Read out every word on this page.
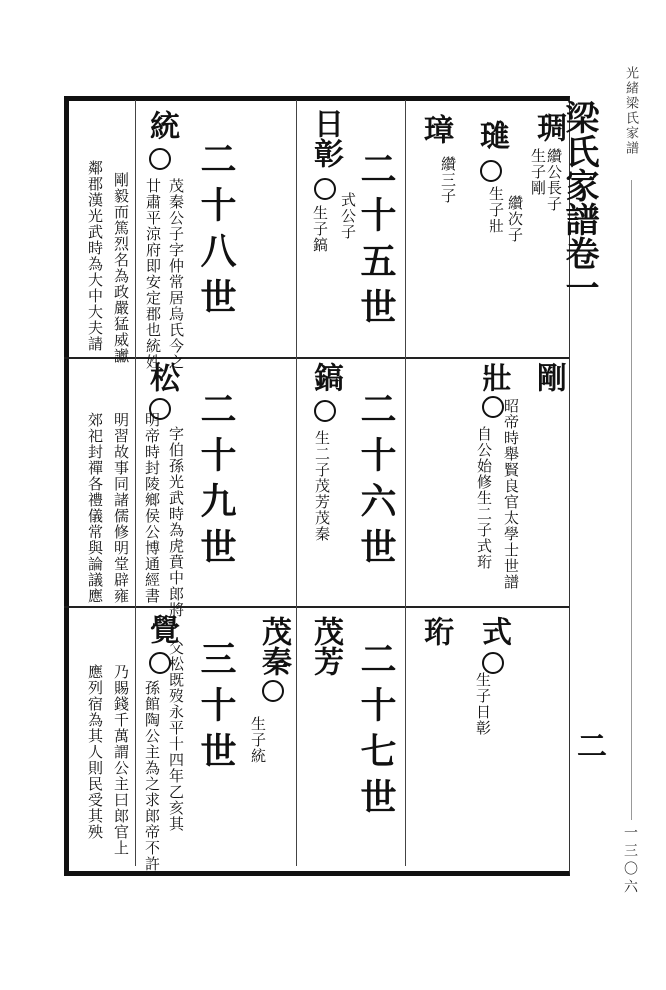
光緒梁氏家譜
一三〇六
梁氏家譜卷一
二
琱
纘公長子
生子剛
璡
纘次子
生子壯
璋
纘三子
二十五世
日彰
式公子
生子鎬
二十八世
統
茂秦公子字仲常居烏氏今之
廿肅平涼府即安定郡也統姓
剛毅而篤烈名為政嚴猛威讞
鄰郡漢光武時為大中大夫請
剛
壯
昭帝時舉賢良官太學士世譜
自公始修生二子式珩
二十六世
鎬
生二子茂芳茂秦
二十九世
松
字伯孫光武時為虎賁中郎將
明帝時封陵鄉侯公博通經書
明習故事同諸儒修明堂辟雍
郊祀封禪各禮儀常與論議應
式
生子日彰
珩
二十七世
茂芳
茂秦
生子統
三十世
覺
父松既歿永平十四年乙亥其
孫館陶公主為之求郎帝不許
乃賜錢千萬謂公主曰郎官上
應列宿為其人則民受其殃
